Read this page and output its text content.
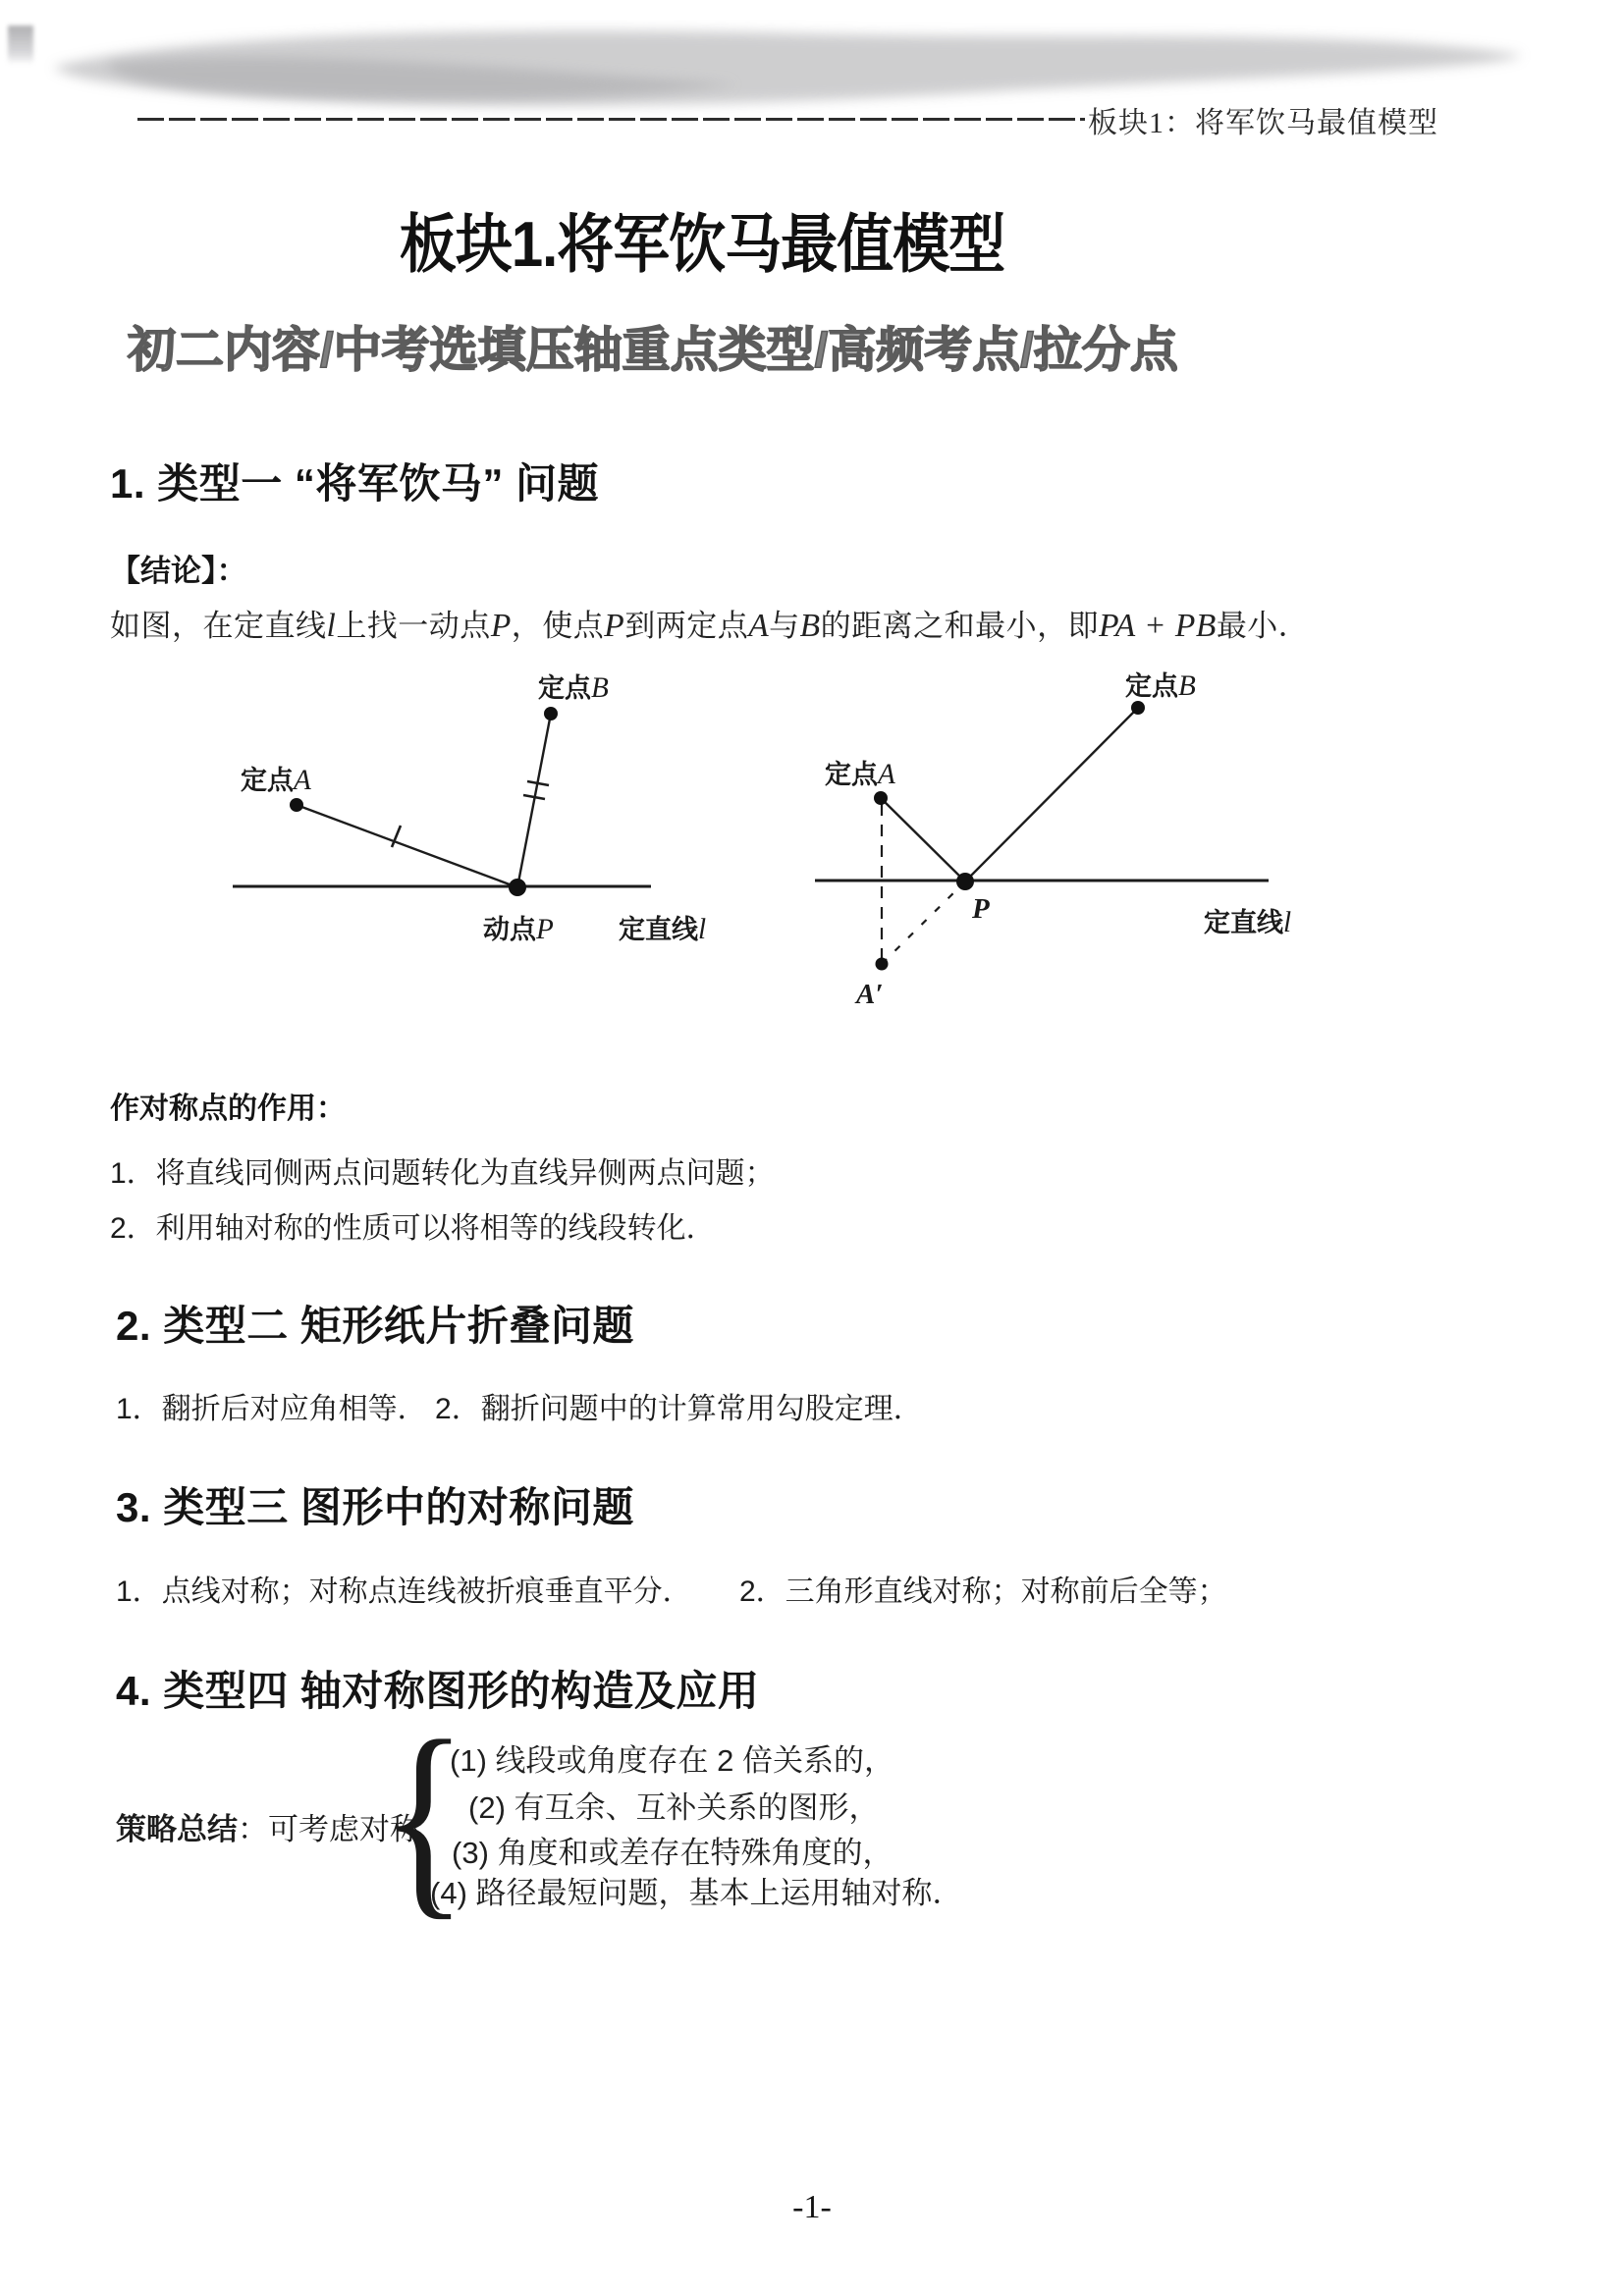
板块1：将军饮马最值模型
板块1.将军饮马最值模型
初二内容/中考选填压轴重点类型/高频考点/拉分点
1. 类型一 “将军饮马” 问题
【结论】：
如图，在定直线l上找一动点P，使点P到两定点A与B的距离之和最小，即PA + PB最小．
定点A
定点B
动点P 定直线l
定点A
定点B
P
A′
定直线l
作对称点的作用：
1．将直线同侧两点问题转化为直线异侧两点问题；
2．利用轴对称的性质可以将相等的线段转化．
2. 类型二 矩形纸片折叠问题
1．翻折后对应角相等． 2．翻折问题中的计算常用勾股定理．
3. 类型三 图形中的对称问题
1．点线对称；对称点连线被折痕垂直平分． 2．三角形直线对称；对称前后全等；
4. 类型四 轴对称图形的构造及应用
策略总结：可考虑对称
{
(1) 线段或角度存在 2 倍关系的，
(2) 有互余、互补关系的图形，
(3) 角度和或差存在特殊角度的，
(4) 路径最短问题，基本上运用轴对称．
-1-
